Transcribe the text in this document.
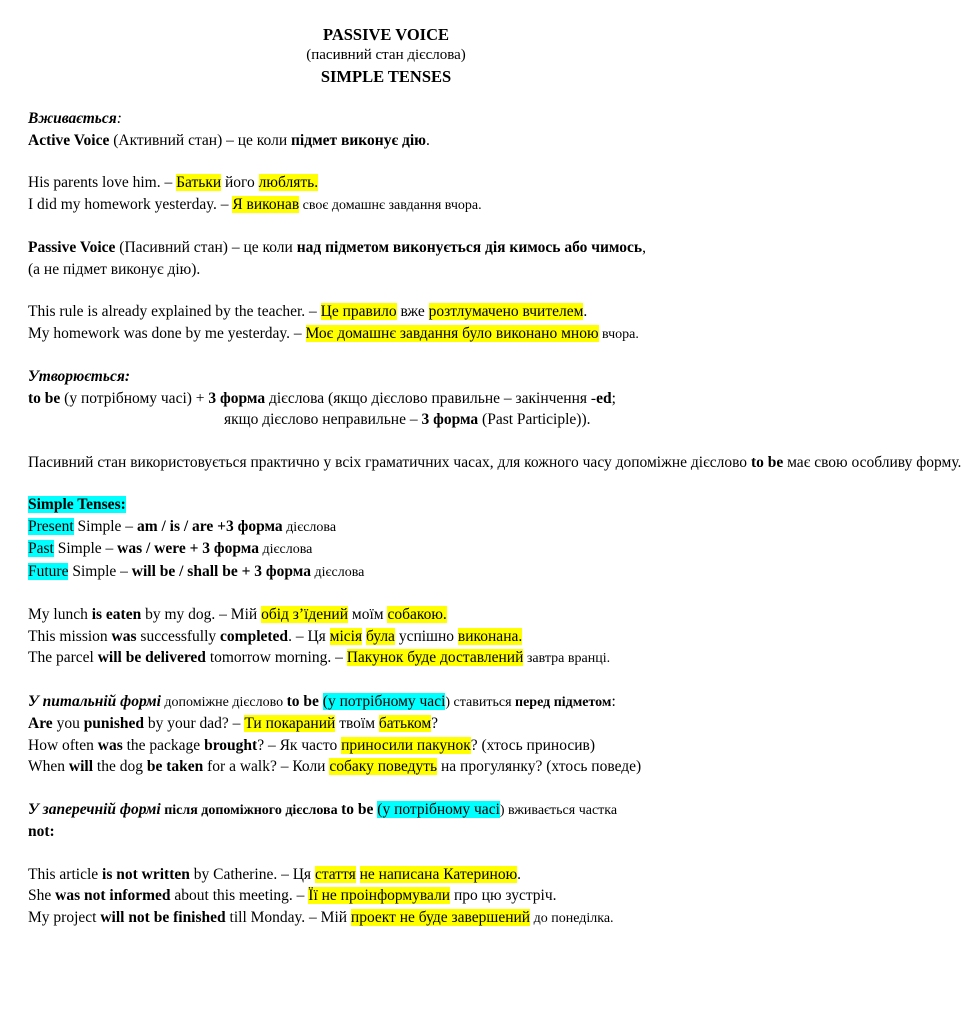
PASSIVE VOICE
(пасивний стан дієслова)
SIMPLE TENSES

Вживається:

Active Voice (Активний стан) – це коли підмет виконує дію.

His parents love him. – Батьки його люблять.

I did my homework yesterday. – Я виконав своє домашнє завдання вчора.

Passive Voice (Пасивний стан) – це коли над підметом виконується дія кимось або чимось,

(а не підмет виконує дію).

This rule is already explained by the teacher. – Це правило вже розтлумачено вчителем.

My homework was done by me yesterday. – Моє домашнє завдання було виконано мною вчора.

Утворюється:

to be (у потрібному часі) + 3 форма дієслова (якщо дієслово правильне – закінчення -ed;

якщо дієслово неправильне – 3 форма (Past Participle)).

Пасивний стан використовується практично у всіх граматичних часах, для кожного часу допоміжне дієслово to be має свою особливу форму.

Simple Tenses:

Present Simple – am / is / are +3 форма дієслова

Past Simple – was / were + 3 форма дієслова

Future Simple – will be / shall be + 3 форма дієслова

My lunch is eaten by my dog. – Мій обід з’їдений моїм собакою.

This mission was successfully completed. – Ця місія була успішно виконана.

The parcel will be delivered tomorrow morning. – Пакунок буде доставлений завтра вранці.

У питальній формі допоміжне дієслово to be (у потрібному часі) ставиться перед підметом:

Are you punished by your dad? – Ти покараний твоїм батьком?

How often was the package brought? – Як часто приносили пакунок? (хтось приносив)

When will the dog be taken for a walk? – Коли собаку поведуть на прогулянку? (хтось поведе)

У заперечній формі після допоміжного дієслова to be (у потрібному часі) вживається частка

not:

This article is not written by Catherine. – Ця стаття не написана Катериною.

She was not informed about this meeting. – Її не проінформували про цю зустріч.

My project will not be finished till Monday. – Мій проект не буде завершений до понеділка.
